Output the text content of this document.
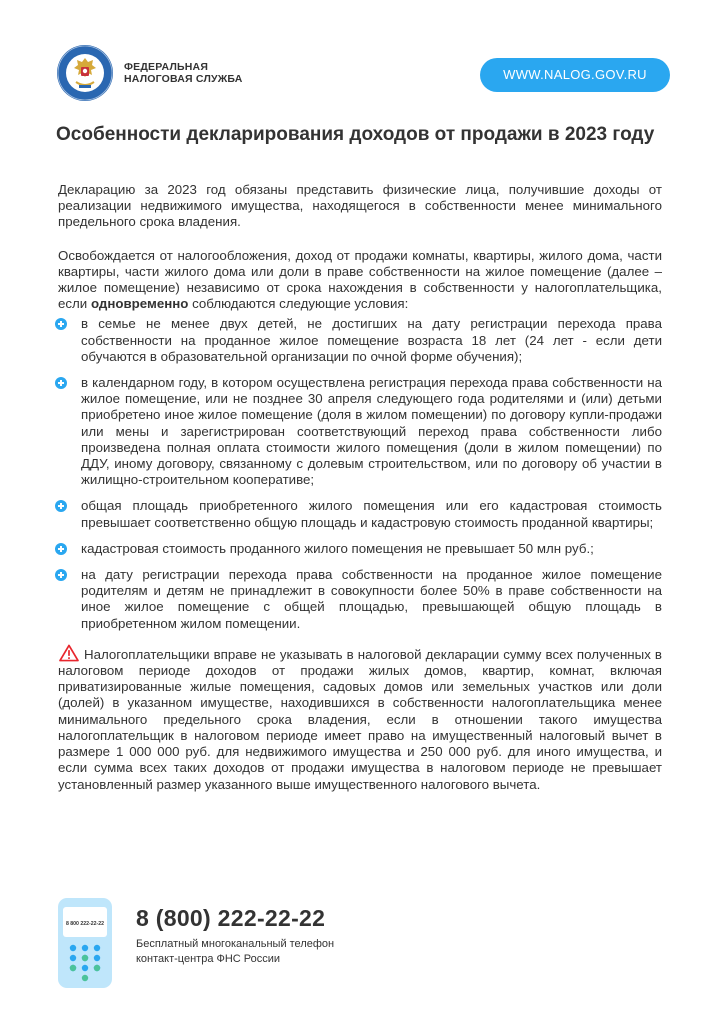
ФЕДЕРАЛЬНАЯ
НАЛОГОВАЯ СЛУЖБА	WWW.NALOG.GOV.RU
Особенности декларирования доходов от продажи в 2023 году

Декларацию за 2023 год обязаны представить физические лица, получившие доходы от реализации недвижимого имущества, находящегося в собственности менее минимального предельного срока владения.

Освобождается от налогообложения, доход от продажи комнаты, квартиры, жилого дома, части квартиры, части жилого дома или доли в праве собственности на жилое помещение (далее – жилое помещение) независимо от срока нахождения в собственности у налогоплательщика, если одновременно соблюдаются следующие условия:

в семье не менее двух детей, не достигших на дату регистрации перехода права собственности на проданное жилое помещение возраста 18 лет (24 лет - если дети обучаются в образовательной организации по очной форме обучения);
в календарном году, в котором осуществлена регистрация перехода права собственности на жилое помещение, или не позднее 30 апреля следующего года родителями и (или) детьми приобретено иное жилое помещение (доля в жилом помещении) по договору купли-продажи или мены и зарегистрирован соответствующий переход права собственности либо произведена полная оплата стоимости жилого помещения (доли в жилом помещении) по ДДУ, иному договору, связанному с долевым строительством, или по договору об участии в жилищно-строительном кооперативе;
общая площадь приобретенного жилого помещения или его кадастровая стоимость превышает соответственно общую площадь и кадастровую стоимость проданной квартиры;
кадастровая стоимость проданного жилого помещения не превышает 50 млн руб.;
на дату регистрации перехода права собственности на проданное жилое помещение родителям и детям не принадлежит в совокупности более 50% в праве собственности на иное жилое помещение с общей площадью, превышающей общую площадь в приобретенном жилом помещении.

Налогоплательщики вправе не указывать в налоговой декларации сумму всех полученных в налоговом периоде доходов от продажи жилых домов, квартир, комнат, включая приватизированные жилые помещения, садовых домов или земельных участков или доли (долей) в указанном имуществе, находившихся в собственности налогоплательщика менее минимального предельного срока владения, если в отношении такого имущества налогоплательщик в налоговом периоде имеет право на имущественный налоговый вычет в размере 1 000 000 руб. для недвижимого имущества и 250 000 руб. для иного имущества, и если сумма всех таких доходов от продажи имущества в налоговом периоде не превышает установленный размер указанного выше имущественного налогового вычета.

8 800 222-22-22 8 (800) 222-22-22
Бесплатный многоканальный телефон
контакт-центра ФНС России
